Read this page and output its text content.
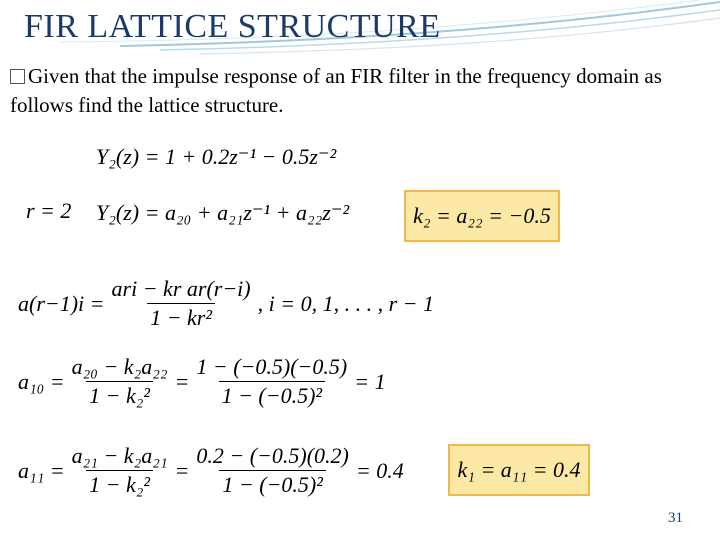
FIR LATTICE STRUCTURE
Given that the impulse response of an FIR filter in the frequency domain as follows find the lattice structure.
Y₂(z) = 1 + 0.2z⁻¹ − 0.5z⁻²
r = 2 Y₂(z) = a₂₀ + a₂₁z⁻¹ + a₂₂z⁻²	k₂ = a₂₂ = −0.5
$a(r-1)i = \frac{\text{ari − kr ar(r−i)}}{\text{1 − kr²}}$ , i = 0, 1, . . . , r − 1
$a_{10} = \frac{\text{a₂₀ − k₂a₂₂}}{\text{1 − k₂²}} = \frac{1 - (-0.5)(-0.5)}{\text{1 − (−0.5)²}} = 1$
$a_{11} = \frac{\text{a₂₁ − k₂a₂₁}}{\text{1 − k₂²}} = \frac{0.2 - (-0.5)(0.2)}{\text{1 − (−0.5)²}} = 0.4$ k₁ = a₁₁ = 0.4
31
